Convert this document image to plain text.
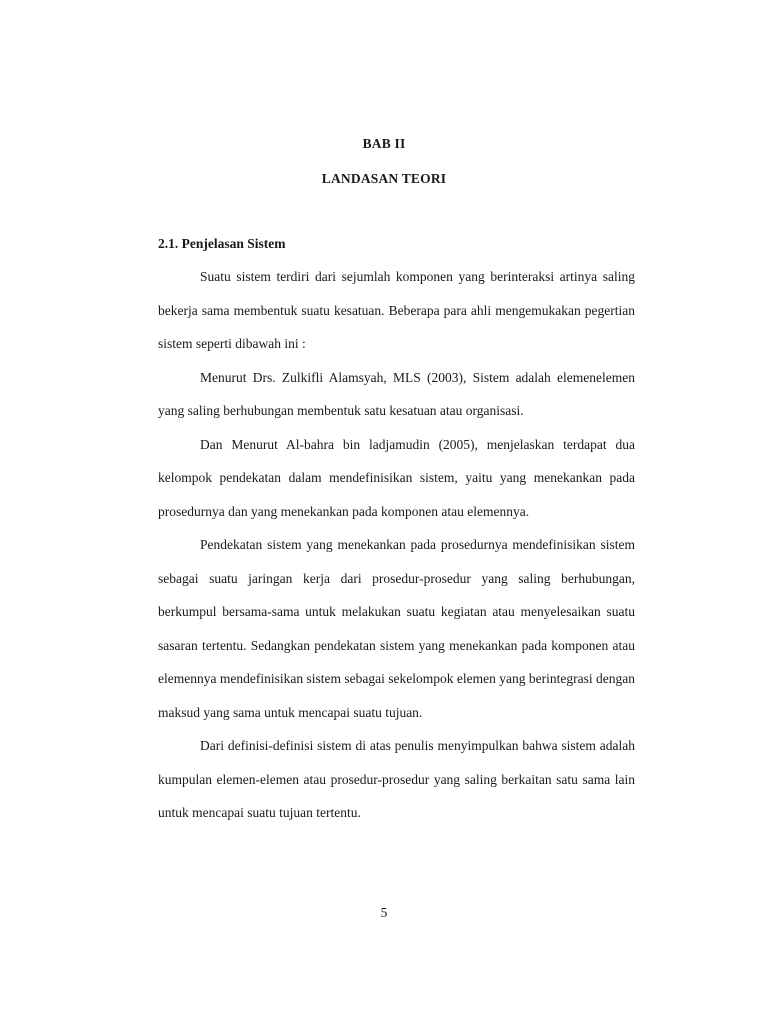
BAB II
LANDASAN TEORI
2.1. Penjelasan Sistem

Suatu sistem terdiri dari sejumlah komponen yang berinteraksi artinya saling bekerja sama membentuk suatu kesatuan. Beberapa para ahli mengemukakan pegertian sistem seperti dibawah ini :

Menurut Drs. Zulkifli Alamsyah, MLS (2003), Sistem adalah elemenelemen yang saling berhubungan membentuk satu kesatuan atau organisasi.

Dan Menurut Al-bahra bin ladjamudin (2005), menjelaskan terdapat dua kelompok pendekatan dalam mendefinisikan sistem, yaitu yang menekankan pada prosedurnya dan yang menekankan pada komponen atau elemennya.

Pendekatan sistem yang menekankan pada prosedurnya mendefinisikan sistem sebagai suatu jaringan kerja dari prosedur-prosedur yang saling berhubungan, berkumpul bersama-sama untuk melakukan suatu kegiatan atau menyelesaikan suatu sasaran tertentu. Sedangkan pendekatan sistem yang menekankan pada komponen atau elemennya mendefinisikan sistem sebagai sekelompok elemen yang berintegrasi dengan maksud yang sama untuk mencapai suatu tujuan.

Dari definisi-definisi sistem di atas penulis menyimpulkan bahwa sistem adalah kumpulan elemen-elemen atau prosedur-prosedur yang saling berkaitan satu sama lain untuk mencapai suatu tujuan tertentu.

5
